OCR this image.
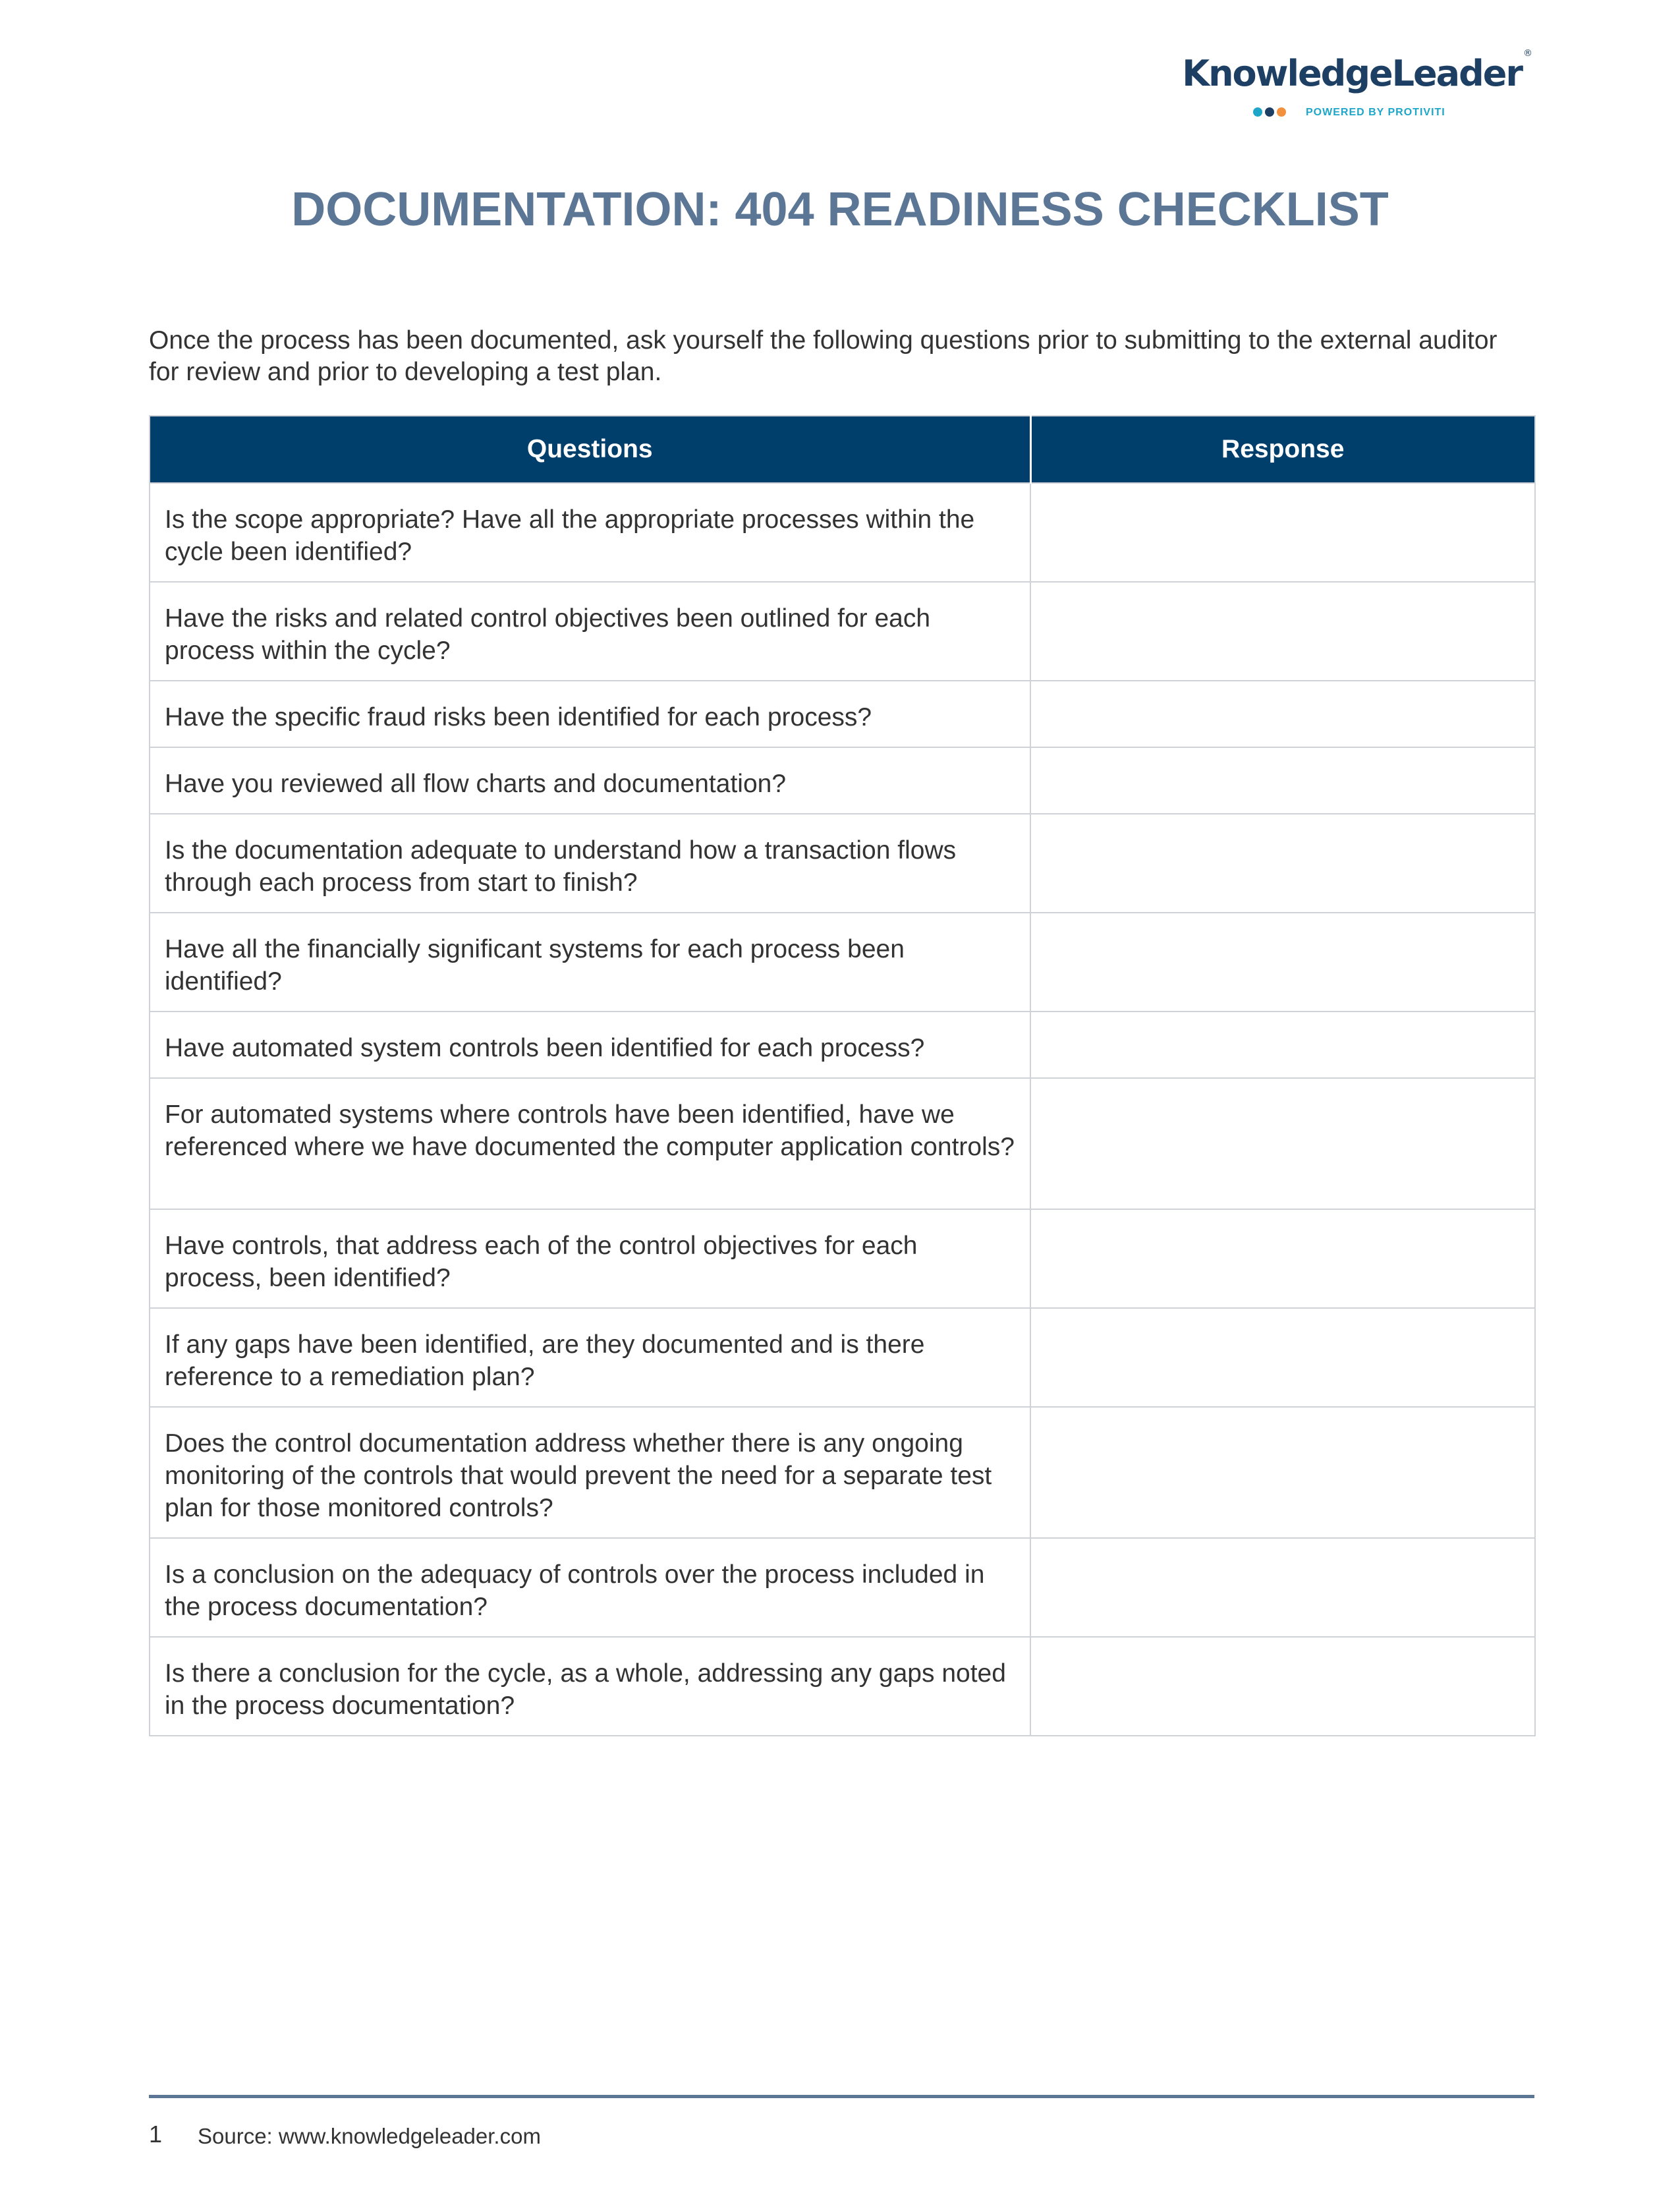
KnowledgeLeader ®
POWERED BY PROTIVITI
DOCUMENTATION: 404 READINESS CHECKLIST

Once the process has been documented, ask yourself the following questions prior to submitting to the external auditor for review and prior to developing a test plan.

Questions	Response
Is the scope appropriate? Have all the appropriate processes within the cycle been identified?	
Have the risks and related control objectives been outlined for each process within the cycle?	
Have the specific fraud risks been identified for each process?	
Have you reviewed all flow charts and documentation?	
Is the documentation adequate to understand how a transaction flows through each process from start to finish?	
Have all the financially significant systems for each process been identified?	
Have automated system controls been identified for each process?	
For automated systems where controls have been identified, have we referenced where we have documented the computer application controls?	
Have controls, that address each of the control objectives for each process, been identified?	
If any gaps have been identified, are they documented and is there reference to a remediation plan?	
Does the control documentation address whether there is any ongoing monitoring of the controls that would prevent the need for a separate test plan for those monitored controls?	
Is a conclusion on the adequacy of controls over the process included in the process documentation?	
Is there a conclusion for the cycle, as a whole, addressing any gaps noted in the process documentation?	
1 Source: www.knowledgeleader.com
